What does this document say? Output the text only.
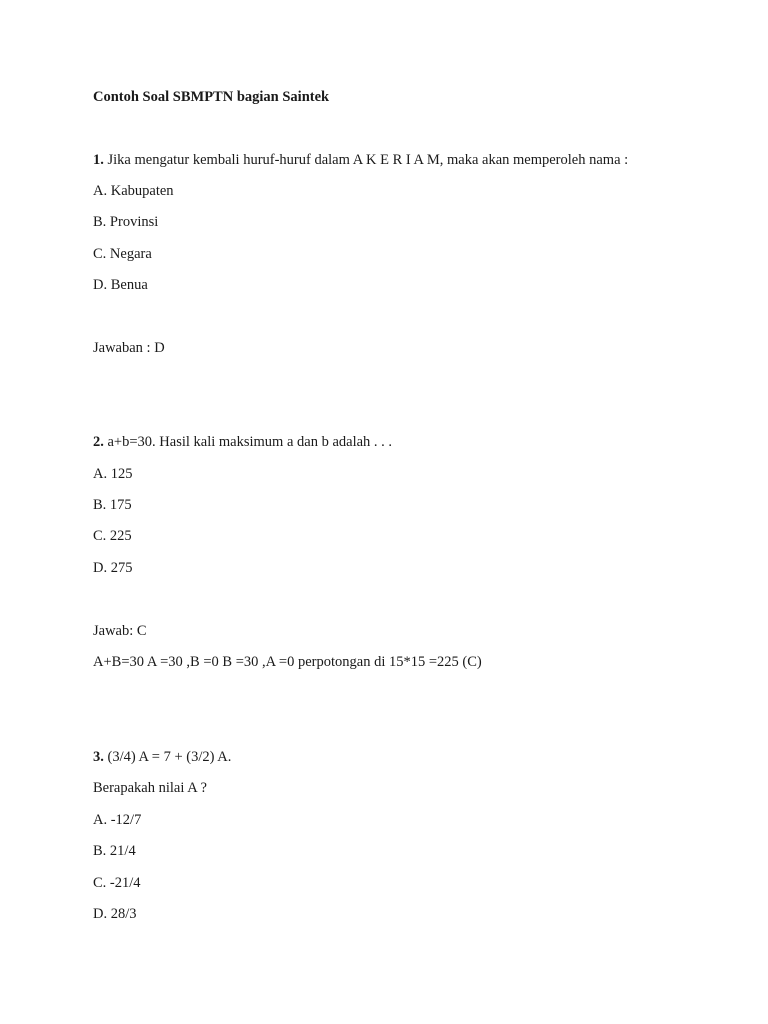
Contoh Soal SBMPTN bagian Saintek
1. Jika mengatur kembali huruf-huruf dalam A K E R I A M, maka akan memperoleh nama :
A. Kabupaten
B. Provinsi
C. Negara
D. Benua
Jawaban : D
2. a+b=30. Hasil kali maksimum a dan b adalah . . .
A. 125
B. 175
C. 225
D. 275
Jawab: C
A+B=30 A =30 ,B =0 B =30 ,A =0 perpotongan di 15*15 =225 (C)
3. (3/4) A = 7 + (3/2) A.
Berapakah nilai A ?
A. -12/7
B. 21/4
C. -21/4
D. 28/3
